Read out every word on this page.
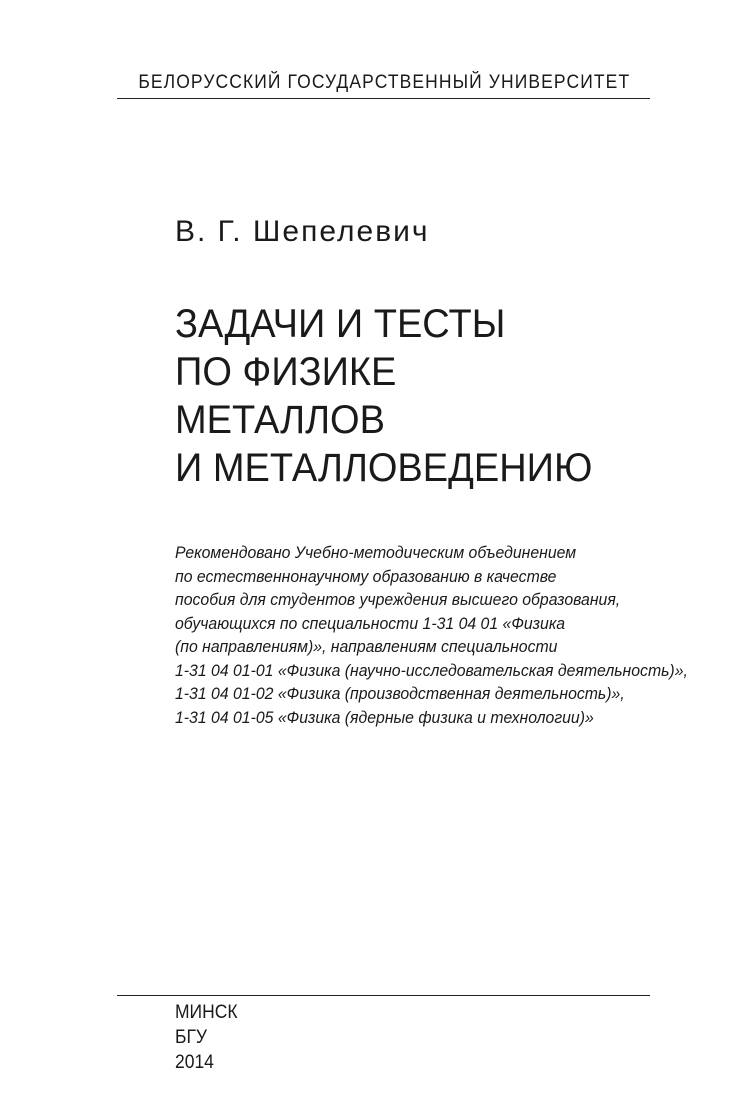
БЕЛОРУССКИЙ ГОСУДАРСТВЕННЫЙ УНИВЕРСИТЕТ
В. Г. Шепелевич
ЗАДАЧИ И ТЕСТЫ
ПО ФИЗИКЕ
МЕТАЛЛОВ
И МЕТАЛЛОВЕДЕНИЮ
Рекомендовано Учебно-методическим объединением
по естественнонаучному образованию в качестве
пособия для студентов учреждения высшего образования,
обучающихся по специальности 1-31 04 01 «Физика
(по направлениям)», направлениям специальности
1-31 04 01-01 «Физика (научно-исследовательская деятельность)»,
1-31 04 01-02 «Физика (производственная деятельность)»,
1-31 04 01-05 «Физика (ядерные физика и технологии)»
МИНСК
БГУ
2014
